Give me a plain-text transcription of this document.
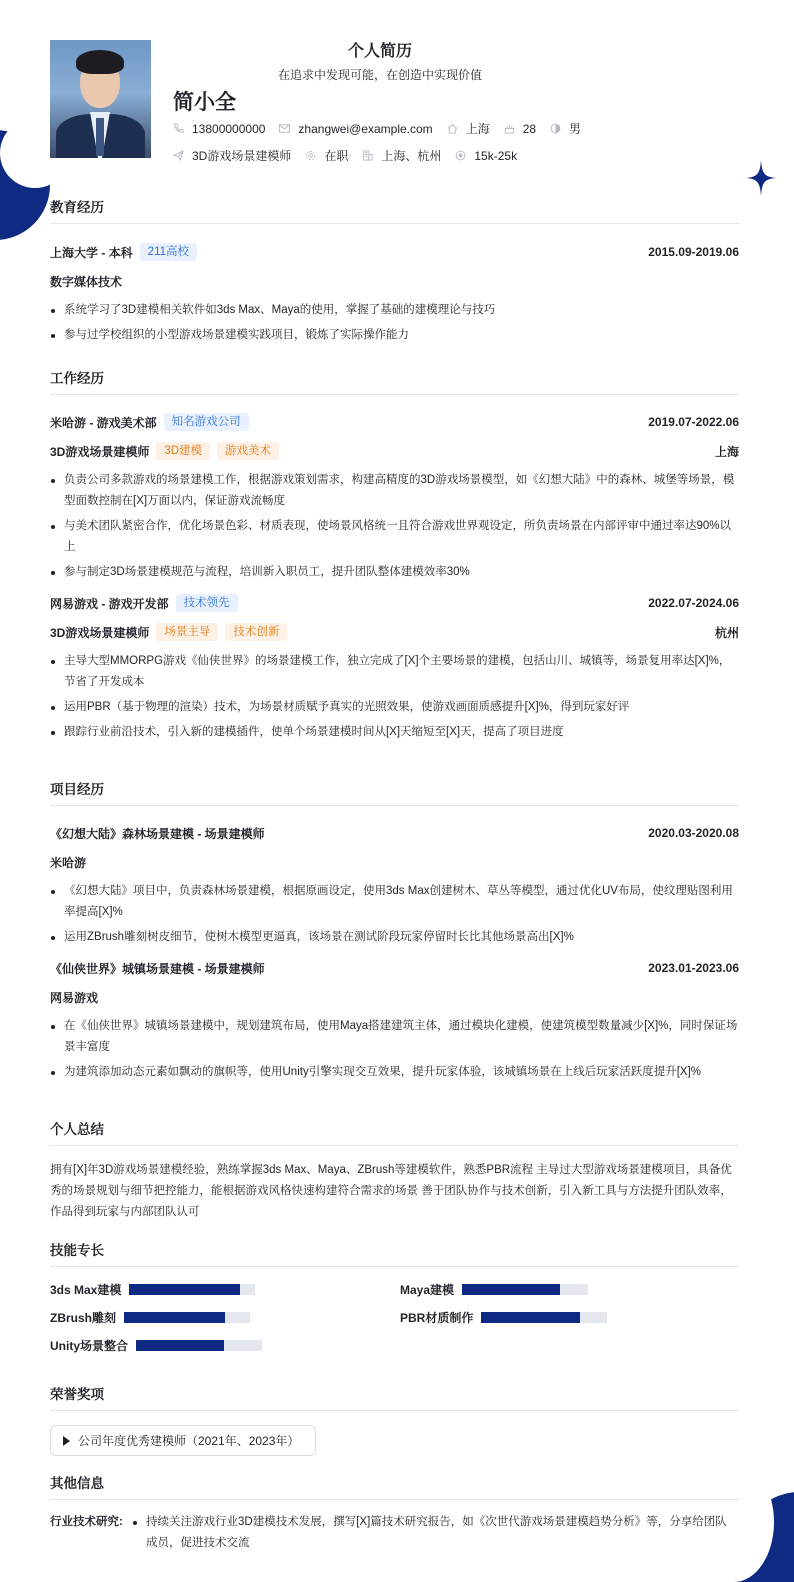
个人简历
在追求中发现可能，在创造中实现价值
简小全
13800000000	zhangwei@example.com	上海	28	男
3D游戏场景建模师	在职	上海、杭州	15k-25k
教育经历
上海大学 - 本科	211高校	2015.09-2019.06
数字媒体技术
系统学习了3D建模相关软件如3ds Max、Maya的使用，掌握了基础的建模理论与技巧
参与过学校组织的小型游戏场景建模实践项目，锻炼了实际操作能力
工作经历
米哈游 - 游戏美术部	知名游戏公司	2019.07-2022.06
3D游戏场景建模师	3D建模	游戏美术	上海
负责公司多款游戏的场景建模工作，根据游戏策划需求，构建高精度的3D游戏场景模型，如《幻想大陆》中的森林、城堡等场景，模型面数控制在[X]万面以内，保证游戏流畅度
与美术团队紧密合作，优化场景色彩、材质表现，使场景风格统一且符合游戏世界观设定，所负责场景在内部评审中通过率达90%以上
参与制定3D场景建模规范与流程，培训新入职员工，提升团队整体建模效率30%
网易游戏 - 游戏开发部	技术领先	2022.07-2024.06
3D游戏场景建模师	场景主导	技术创新	杭州
主导大型MMORPG游戏《仙侠世界》的场景建模工作，独立完成了[X]个主要场景的建模，包括山川、城镇等，场景复用率达[X]%，节省了开发成本
运用PBR（基于物理的渲染）技术，为场景材质赋予真实的光照效果，使游戏画面质感提升[X]%，得到玩家好评
跟踪行业前沿技术，引入新的建模插件，使单个场景建模时间从[X]天缩短至[X]天，提高了项目进度
项目经历
《幻想大陆》森林场景建模 - 场景建模师	2020.03-2020.08
米哈游
《幻想大陆》项目中，负责森林场景建模，根据原画设定，使用3ds Max创建树木、草丛等模型，通过优化UV布局，使纹理贴图利用率提高[X]%
运用ZBrush雕刻树皮细节，使树木模型更逼真，该场景在测试阶段玩家停留时长比其他场景高出[X]%
《仙侠世界》城镇场景建模 - 场景建模师	2023.01-2023.06
网易游戏
在《仙侠世界》城镇场景建模中，规划建筑布局，使用Maya搭建建筑主体，通过模块化建模，使建筑模型数量减少[X]%，同时保证场景丰富度
为建筑添加动态元素如飘动的旗帜等，使用Unity引擎实现交互效果，提升玩家体验，该城镇场景在上线后玩家活跃度提升[X]%
个人总结
拥有[X]年3D游戏场景建模经验，熟练掌握3ds Max、Maya、ZBrush等建模软件，熟悉PBR流程 主导过大型游戏场景建模项目，具备优秀的场景规划与细节把控能力，能根据游戏风格快速构建符合需求的场景 善于团队协作与技术创新，引入新工具与方法提升团队效率，作品得到玩家与内部团队认可
技能专长
3ds Max建模	Maya建模
ZBrush雕刻	PBR材质制作
Unity场景整合
荣誉奖项
公司年度优秀建模师（2021年、2023年）
其他信息
行业技术研究:	持续关注游戏行业3D建模技术发展，撰写[X]篇技术研究报告，如《次世代游戏场景建模趋势分析》等，分享给团队成员，促进技术交流
